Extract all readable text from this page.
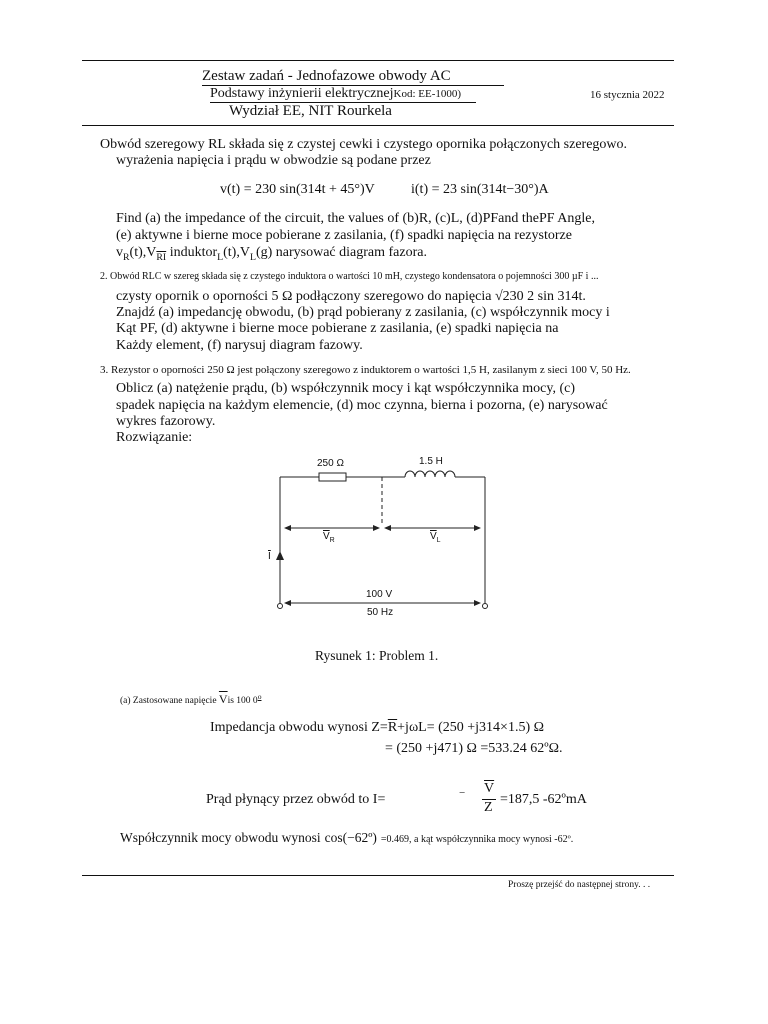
Zestaw zadań - Jednofazowe obwody AC
Podstawy inżynierii elektrycznejKod: EE-1000)	16 stycznia 2022
Wydział EE, NIT Rourkela
Obwód szeregowy RL składa się z czystej cewki i czystego opornika połączonych szeregowo.
wyrażenia napięcia i prądu w obwodzie są podane przez
v(t) = 230 sin(314t + 45°)V	i(t) = 23 sin(314t−30°)A
Find (a) the impedance of the circuit, the values of (b)R, (c)L, (d)PFand thePF Angle,
(e) aktywne i bierne moce pobierane z zasilania, (f) spadki napięcia na rezystorze
$v_R(t),V_{\overline{RI}}$ $induktor_L(t),V_L(g)$ narysować diagram fazora.
2. Obwód RLC w szereg składa się z czystego induktora o wartości 10 mH, czystego kondensatora o pojemności 300 µF i ...
czysty opornik o oporności 5 Ω podłączony szeregowo do napięcia √230 2 sin 314t.
Znajdź (a) impedancję obwodu, (b) prąd pobierany z zasilania, (c) współczynnik mocy i
Kąt PF, (d) aktywne i bierne moce pobierane z zasilania, (e) spadki napięcia na
Każdy element, (f) narysuj diagram fazowy.
3. Rezystor o oporności 250 Ω jest połączony szeregowo z induktorem o wartości 1,5 H, zasilanym z sieci 100 V, 50 Hz.
Oblicz (a) natężenie prądu, (b) współczynnik mocy i kąt współczynnika mocy, (c)
spadek napięcia na każdym elemencie, (d) moc czynna, bierna i pozorna, (e) narysować
wykres fazorowy.
Rozwiązanie:
250 Ω	1.5 H
$\overline{V}_R$	$\overline{V}_L$
$\overline{I}$
100 V
50 Hz
Rysunek 1: Problem 1.
(a) Zastosowane napięcie $\overline{V}is$ 100 0$^o$
Impedancja obwodu wynosi $Z=\overline{R}+j\omega L= (250 +j314\times 1.5)$ Ω
= (250 +j471) Ω =533.24 62ºΩ.
Prąd płynący przez obwód to I=	− $\overline{V}$
$\overline{Z}$
=187,5 -62ºmA
Współczynnik mocy obwodu wynosi cos(−62º) =0.469, a kąt współczynnika mocy wynosi -62º.
Proszę przejść do następnej strony. . .
